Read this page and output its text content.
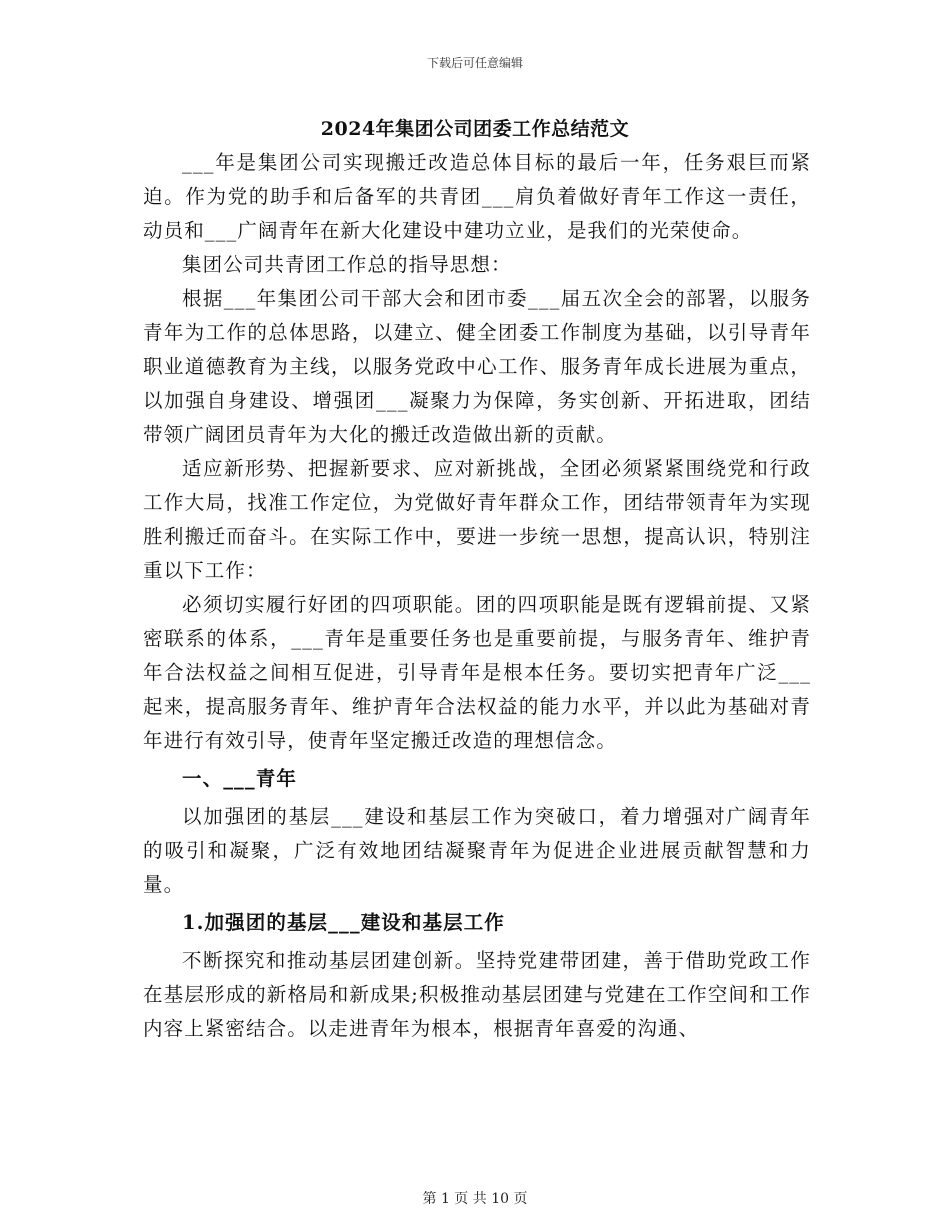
下载后可任意编辑
2024年集团公司团委工作总结范文

___年是集团公司实现搬迁改造总体目标的最后一年，任务艰巨而紧迫。作为党的助手和后备军的共青团___肩负着做好青年工作这一责任，动员和___广阔青年在新大化建设中建功立业，是我们的光荣使命。

集团公司共青团工作总的指导思想：

根据___年集团公司干部大会和团市委___届五次全会的部署，以服务青年为工作的总体思路，以建立、健全团委工作制度为基础，以引导青年职业道德教育为主线，以服务党政中心工作、服务青年成长进展为重点，以加强自身建设、增强团___凝聚力为保障，务实创新、开拓进取，团结带领广阔团员青年为大化的搬迁改造做出新的贡献。

适应新形势、把握新要求、应对新挑战，全团必须紧紧围绕党和行政工作大局，找准工作定位，为党做好青年群众工作，团结带领青年为实现胜利搬迁而奋斗。在实际工作中，要进一步统一思想，提高认识，特别注重以下工作：

必须切实履行好团的四项职能。团的四项职能是既有逻辑前提、又紧密联系的体系，___青年是重要任务也是重要前提，与服务青年、维护青年合法权益之间相互促进，引导青年是根本任务。要切实把青年广泛___起来，提高服务青年、维护青年合法权益的能力水平，并以此为基础对青年进行有效引导，使青年坚定搬迁改造的理想信念。

一、___青年

以加强团的基层___建设和基层工作为突破口，着力增强对广阔青年的吸引和凝聚，广泛有效地团结凝聚青年为促进企业进展贡献智慧和力量。

1.加强团的基层___建设和基层工作

不断探究和推动基层团建创新。坚持党建带团建，善于借助党政工作在基层形成的新格局和新成果;积极推动基层团建与党建在工作空间和工作内容上紧密结合。以走进青年为根本，根据青年喜爱的沟通、

第 1 页 共 10 页
